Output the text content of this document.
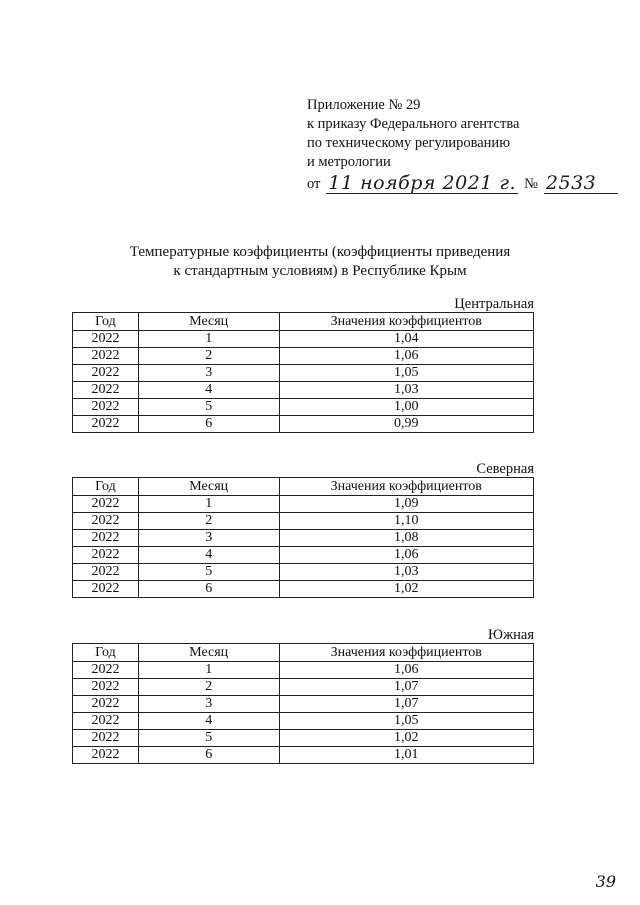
Приложение № 29
к приказу Федерального агентства
по техническому регулированию
и метрологии
от 11 ноября 2021 г. № 2533
Температурные коэффициенты (коэффициенты приведения
к стандартным условиям) в Республике Крым
Центральная
Год	Месяц	Значения коэффициентов
2022	1	1,04
2022	2	1,06
2022	3	1,05
2022	4	1,03
2022	5	1,00
2022	6	0,99
Северная
Год	Месяц	Значения коэффициентов
2022	1	1,09
2022	2	1,10
2022	3	1,08
2022	4	1,06
2022	5	1,03
2022	6	1,02
Южная
Год	Месяц	Значения коэффициентов
2022	1	1,06
2022	2	1,07
2022	3	1,07
2022	4	1,05
2022	5	1,02
2022	6	1,01
39
